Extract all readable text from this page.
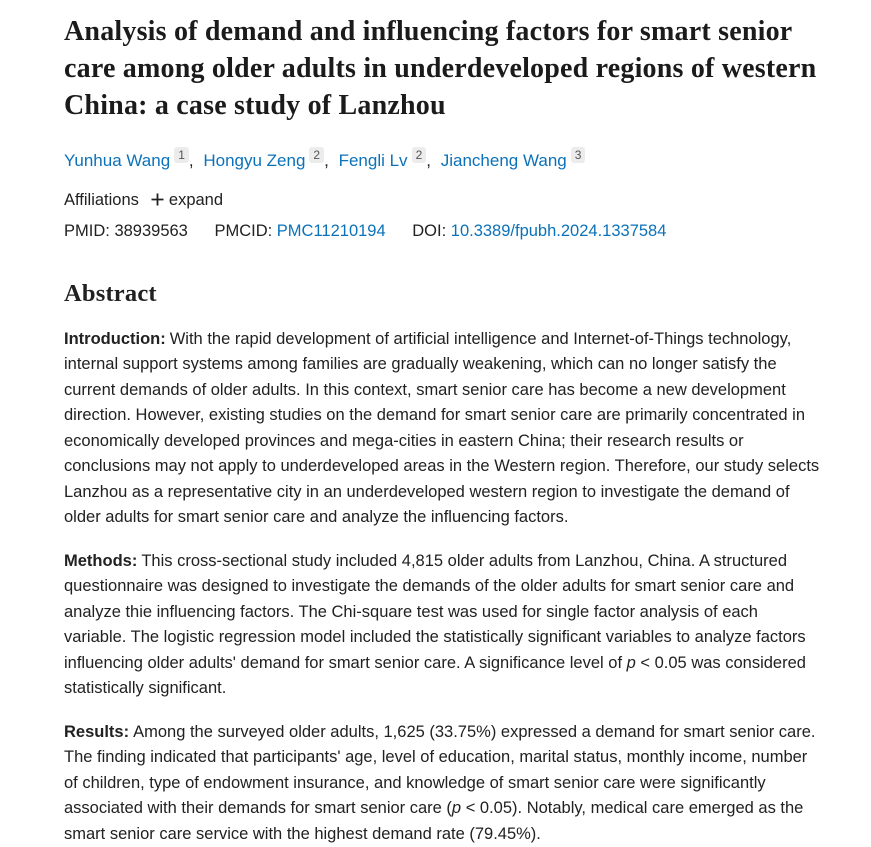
Analysis of demand and influencing factors for smart senior care among older adults in underdeveloped regions of western China: a case study of Lanzhou
Yunhua Wang 1 , Hongyu Zeng 2 , Fengli Lv 2 , Jiancheng Wang 3
Affiliations expand
PMID: 38939563 PMCID: PMC11210194 DOI: 10.3389/fpubh.2024.1337584
Abstract

Introduction: With the rapid development of artificial intelligence and Internet-of-Things technology, internal support systems among families are gradually weakening, which can no longer satisfy the current demands of older adults. In this context, smart senior care has become a new development direction. However, existing studies on the demand for smart senior care are primarily concentrated in economically developed provinces and mega-cities in eastern China; their research results or conclusions may not apply to underdeveloped areas in the Western region. Therefore, our study selects Lanzhou as a representative city in an underdeveloped western region to investigate the demand of older adults for smart senior care and analyze the influencing factors.

Methods: This cross-sectional study included 4,815 older adults from Lanzhou, China. A structured questionnaire was designed to investigate the demands of the older adults for smart senior care and analyze thie influencing factors. The Chi-square test was used for single factor analysis of each variable. The logistic regression model included the statistically significant variables to analyze factors influencing older adults' demand for smart senior care. A significance level of p < 0.05 was considered statistically significant.

Results: Among the surveyed older adults, 1,625 (33.75%) expressed a demand for smart senior care. The finding indicated that participants' age, level of education, marital status, monthly income, number of children, type of endowment insurance, and knowledge of smart senior care were significantly associated with their demands for smart senior care (p < 0.05). Notably, medical care emerged as the smart senior care service with the highest demand rate (79.45%).
